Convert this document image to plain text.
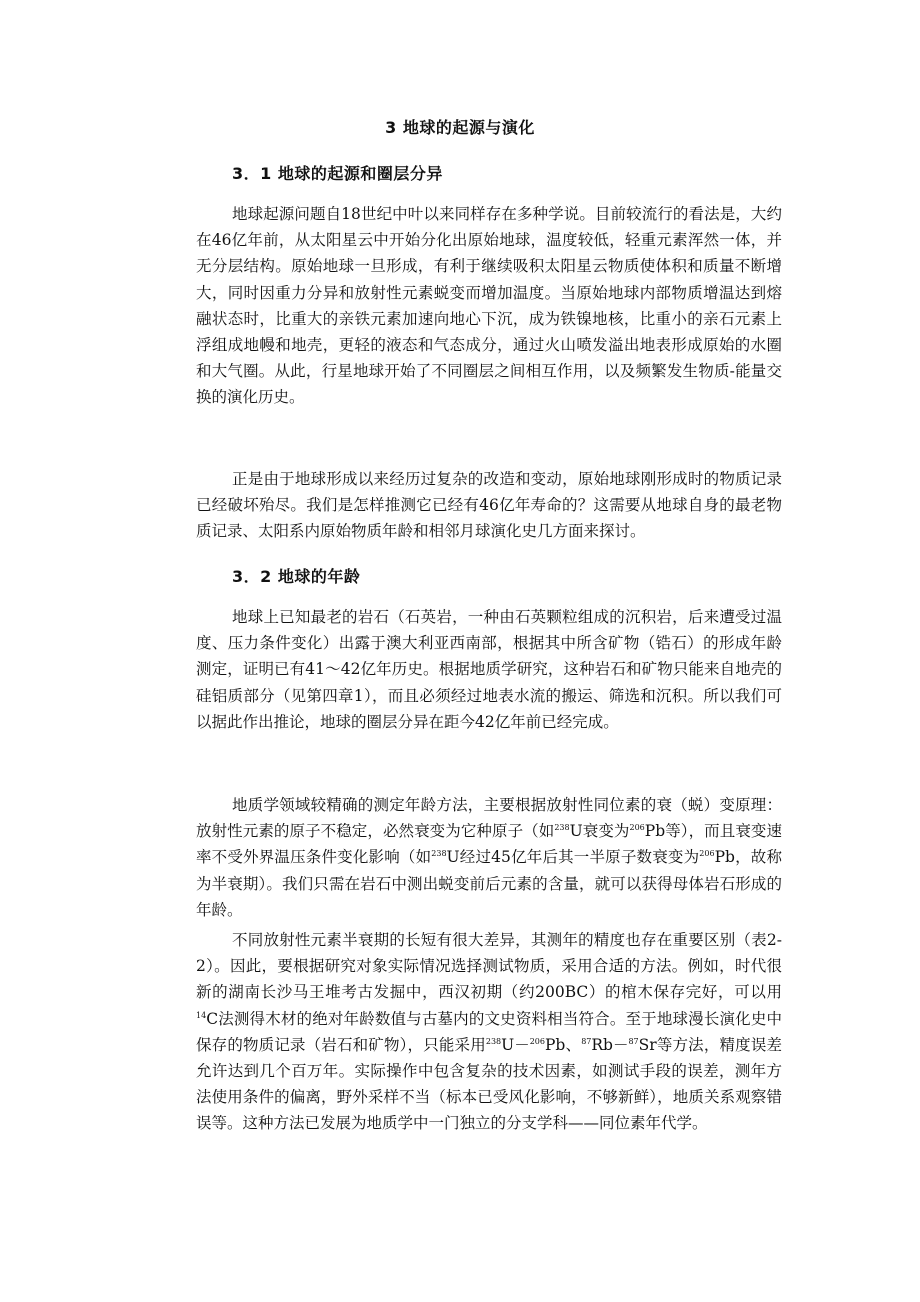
3 地球的起源与演化
3．1 地球的起源和圈层分异

地球起源问题自18世纪中叶以来同样存在多种学说。目前较流行的看法是，大约在46亿年前，从太阳星云中开始分化出原始地球，温度较低，轻重元素浑然一体，并无分层结构。原始地球一旦形成，有利于继续吸积太阳星云物质使体积和质量不断增大，同时因重力分异和放射性元素蜕变而增加温度。当原始地球内部物质增温达到熔融状态时，比重大的亲铁元素加速向地心下沉，成为铁镍地核，比重小的亲石元素上浮组成地幔和地壳，更轻的液态和气态成分，通过火山喷发溢出地表形成原始的水圈和大气圈。从此，行星地球开始了不同圈层之间相互作用，以及频繁发生物质-能量交换的演化历史。

正是由于地球形成以来经历过复杂的改造和变动，原始地球刚形成时的物质记录已经破坏殆尽。我们是怎样推测它已经有46亿年寿命的？这需要从地球自身的最老物质记录、太阳系内原始物质年龄和相邻月球演化史几方面来探讨。

3．2 地球的年龄

地球上已知最老的岩石（石英岩，一种由石英颗粒组成的沉积岩，后来遭受过温度、压力条件变化）出露于澳大利亚西南部，根据其中所含矿物（锆石）的形成年龄测定，证明已有41～42亿年历史。根据地质学研究，这种岩石和矿物只能来自地壳的硅铝质部分（见第四章1），而且必须经过地表水流的搬运、筛选和沉积。所以我们可以据此作出推论，地球的圈层分异在距今42亿年前已经完成。

地质学领域较精确的测定年龄方法，主要根据放射性同位素的衰（蜕）变原理：放射性元素的原子不稳定，必然衰变为它种原子（如$^{238}$U衰变为$^{206}$Pb等），而且衰变速率不受外界温压条件变化影响（如$^{238}$U经过45亿年后其一半原子数衰变为$^{206}$Pb，故称为半衰期）。我们只需在岩石中测出蜕变前后元素的含量，就可以获得母体岩石形成的年龄。

不同放射性元素半衰期的长短有很大差异，其测年的精度也存在重要区别（表2-2）。因此，要根据研究对象实际情况选择测试物质，采用合适的方法。例如，时代很新的湖南长沙马王堆考古发掘中，西汉初期（约200BC）的棺木保存完好，可以用$^{14}$C法测得木材的绝对年龄数值与古墓内的文史资料相当符合。至于地球漫长演化史中保存的物质记录（岩石和矿物），只能采用$^{238}$U－$^{206}$Pb、$^{87}$Rb－$^{87}$Sr等方法，精度误差允许达到几个百万年。实际操作中包含复杂的技术因素，如测试手段的误差，测年方法使用条件的偏离，野外采样不当（标本已受风化影响，不够新鲜），地质关系观察错误等。这种方法已发展为地质学中一门独立的分支学科——同位素年代学。
